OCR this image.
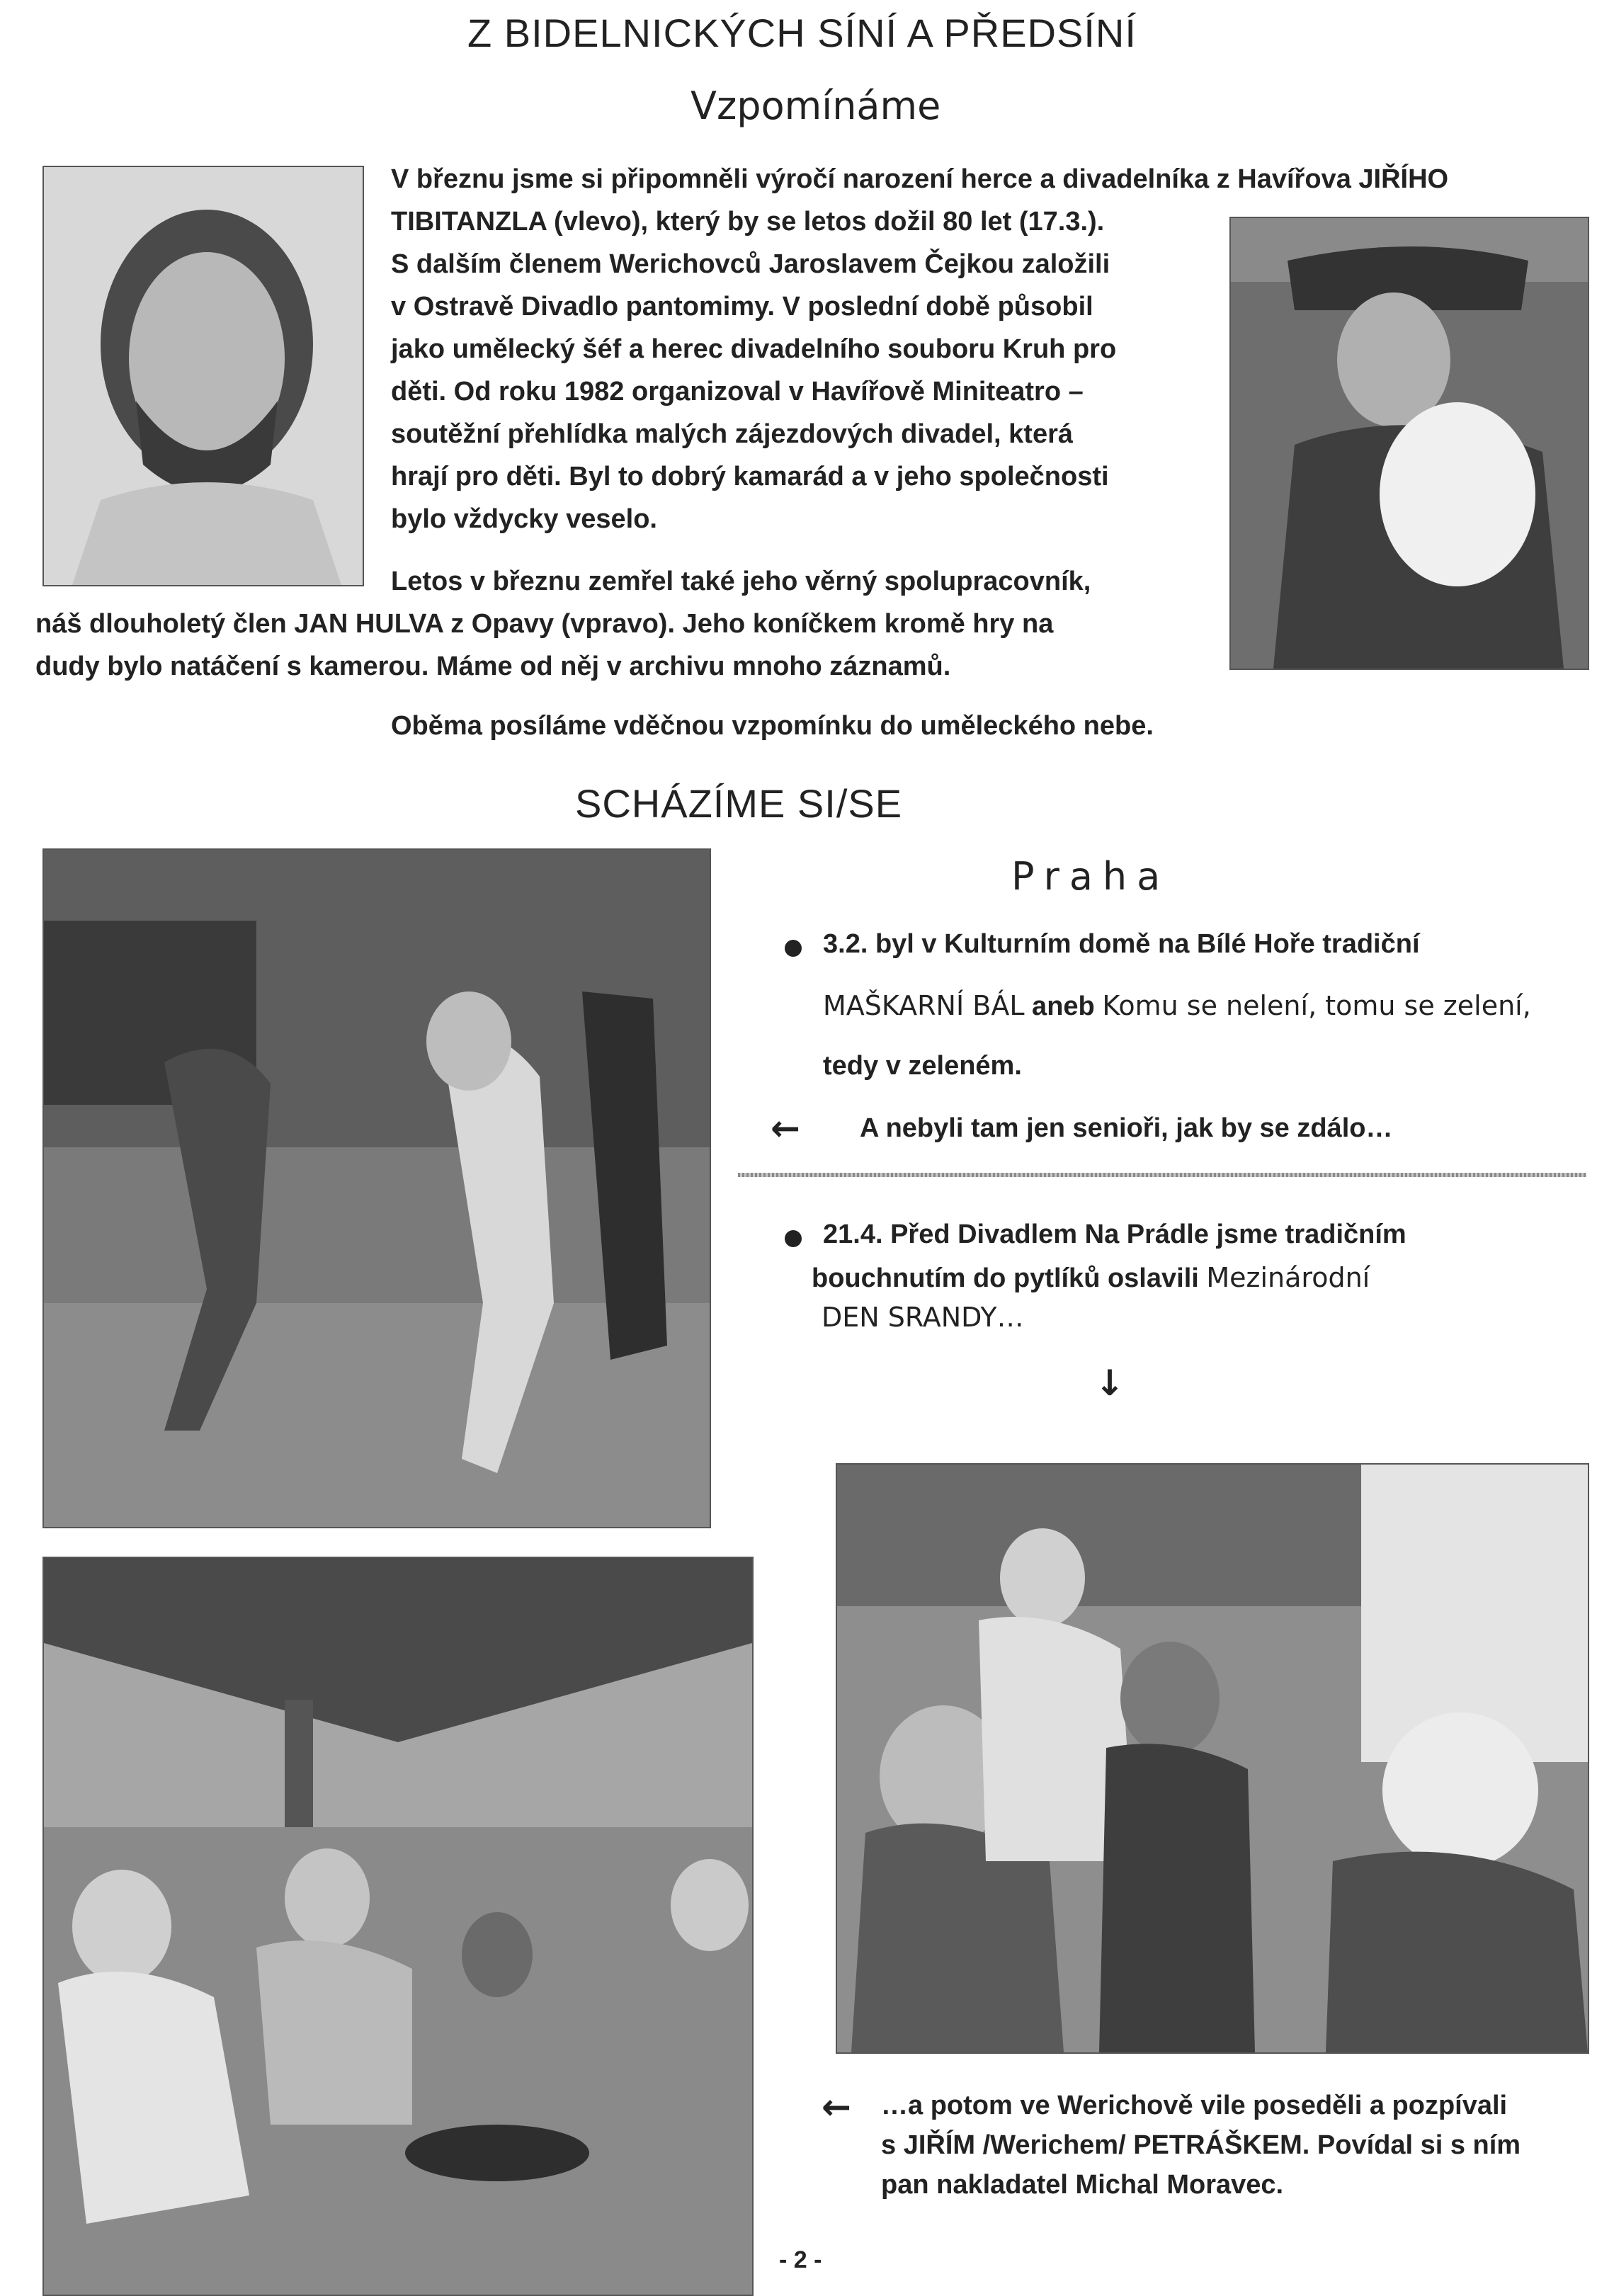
Z BIDELNICKÝCH SÍNÍ A PŘEDSÍNÍ
Vzpomínáme
V březnu jsme si připomněli výročí narození herce a divadelníka z Havířova JIŘÍHO
TIBITANZLA (vlevo), který by se letos dožil 80 let (17.3.).
S dalším členem Werichovců Jaroslavem Čejkou založili
v Ostravě Divadlo pantomimy. V poslední době působil
jako umělecký šéf a herec divadelního souboru Kruh pro
děti. Od roku 1982 organizoval v Havířově Miniteatro –
soutěžní přehlídka malých zájezdových divadel, která
hrají pro děti. Byl to dobrý kamarád a v jeho společnosti
bylo vždycky veselo.
Letos v březnu zemřel také jeho věrný spolupracovník,
náš dlouholetý člen JAN HULVA z Opavy (vpravo). Jeho koníčkem kromě hry na
dudy bylo natáčení s kamerou. Máme od něj v archivu mnoho záznamů.
Oběma posíláme vděčnou vzpomínku do uměleckého nebe.
SCHÁZÍME SI/SE
Praha
3.2. byl v Kulturním domě na Bílé Hoře tradiční
MAŠKARNÍ BÁL aneb Komu se nelení, tomu se zelení,
tedy v zeleném.
← A nebyli tam jen senioři, jak by se zdálo…
21.4. Před Divadlem Na Prádle jsme tradičním
bouchnutím do pytlíků oslavili Mezinárodní
DEN SRANDY…
↓
← …a potom ve Werichově vile poseděli a pozpívali
s JIŘÍM /Werichem/ PETRÁŠKEM. Povídal si s ním
pan nakladatel Michal Moravec.
- 2 -
